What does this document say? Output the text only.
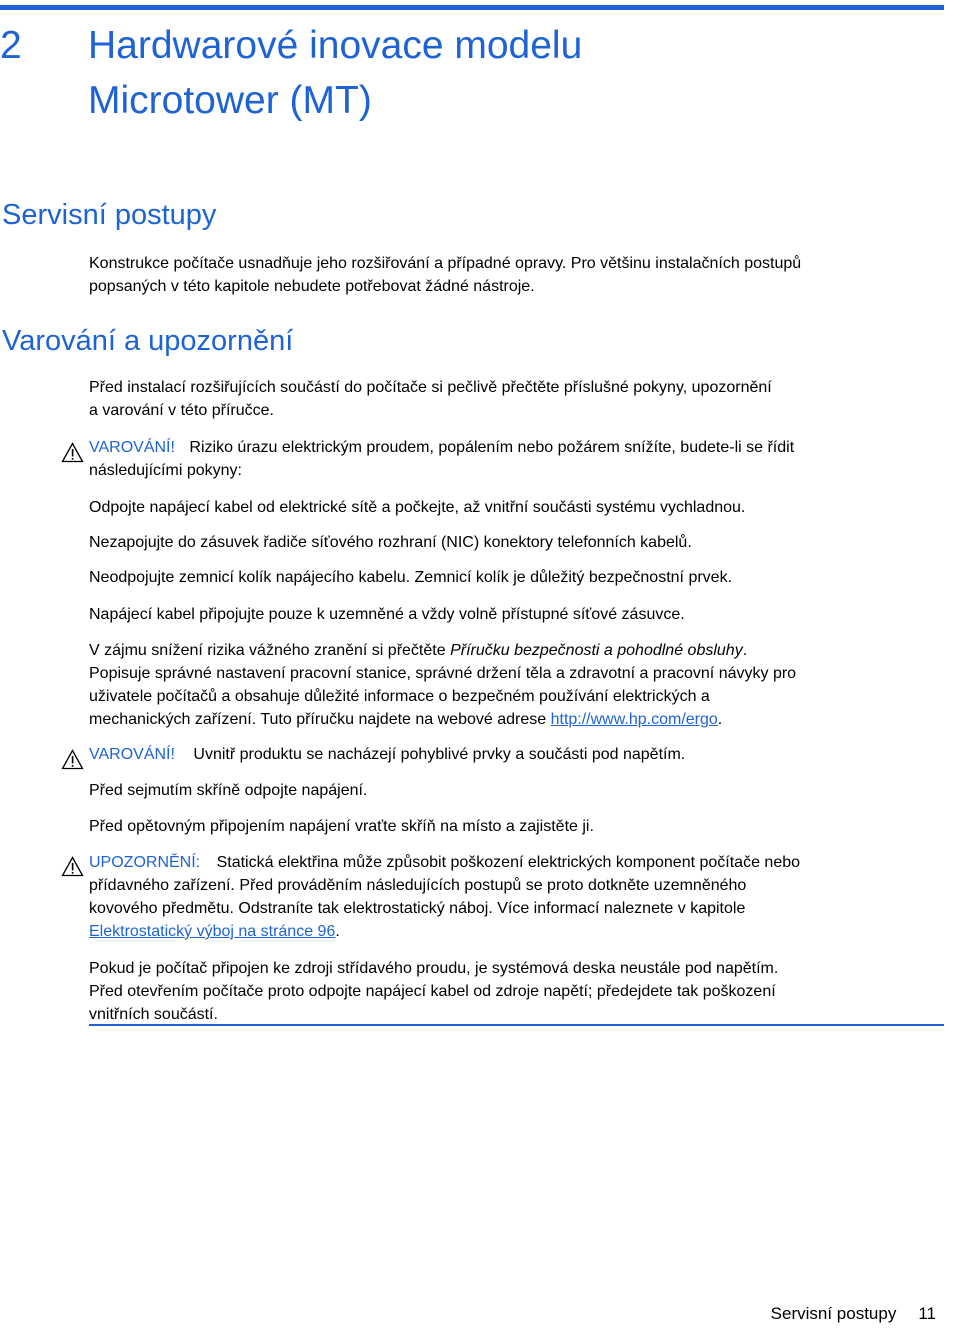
2 Hardwarové inovace modelu
Microtower (MT)
Servisní postupy

Konstrukce počítače usnadňuje jeho rozšiřování a případné opravy. Pro většinu instalačních postupů
popsaných v této kapitole nebudete potřebovat žádné nástroje.

Varování a upozornění

Před instalací rozšiřujících součástí do počítače si pečlivě přečtěte příslušné pokyny, upozornění
a varování v této příručce.

VAROVÁNÍ! Riziko úrazu elektrickým proudem, popálením nebo požárem snížíte, budete-li se řídit
následujícími pokyny:

Odpojte napájecí kabel od elektrické sítě a počkejte, až vnitřní součásti systému vychladnou.

Nezapojujte do zásuvek řadiče síťového rozhraní (NIC) konektory telefonních kabelů.

Neodpojujte zemnicí kolík napájecího kabelu. Zemnicí kolík je důležitý bezpečnostní prvek.

Napájecí kabel připojujte pouze k uzemněné a vždy volně přístupné síťové zásuvce.

V zájmu snížení rizika vážného zranění si přečtěte Příručku bezpečnosti a pohodlné obsluhy.
Popisuje správné nastavení pracovní stanice, správné držení těla a zdravotní a pracovní návyky pro
uživatele počítačů a obsahuje důležité informace o bezpečném používání elektrických a
mechanických zařízení. Tuto příručku najdete na webové adrese http://www.hp.com/ergo.

VAROVÁNÍ! Uvnitř produktu se nacházejí pohyblivé prvky a součásti pod napětím.

Před sejmutím skříně odpojte napájení.

Před opětovným připojením napájení vraťte skříň na místo a zajistěte ji.

UPOZORNĚNÍ: Statická elektřina může způsobit poškození elektrických komponent počítače nebo
přídavného zařízení. Před prováděním následujících postupů se proto dotkněte uzemněného
kovového předmětu. Odstraníte tak elektrostatický náboj. Více informací naleznete v kapitole
Elektrostatický výboj na stránce 96.

Pokud je počítač připojen ke zdroji střídavého proudu, je systémová deska neustále pod napětím.
Před otevřením počítače proto odpojte napájecí kabel od zdroje napětí; předejdete tak poškození
vnitřních součástí.

Servisní postupy 11
